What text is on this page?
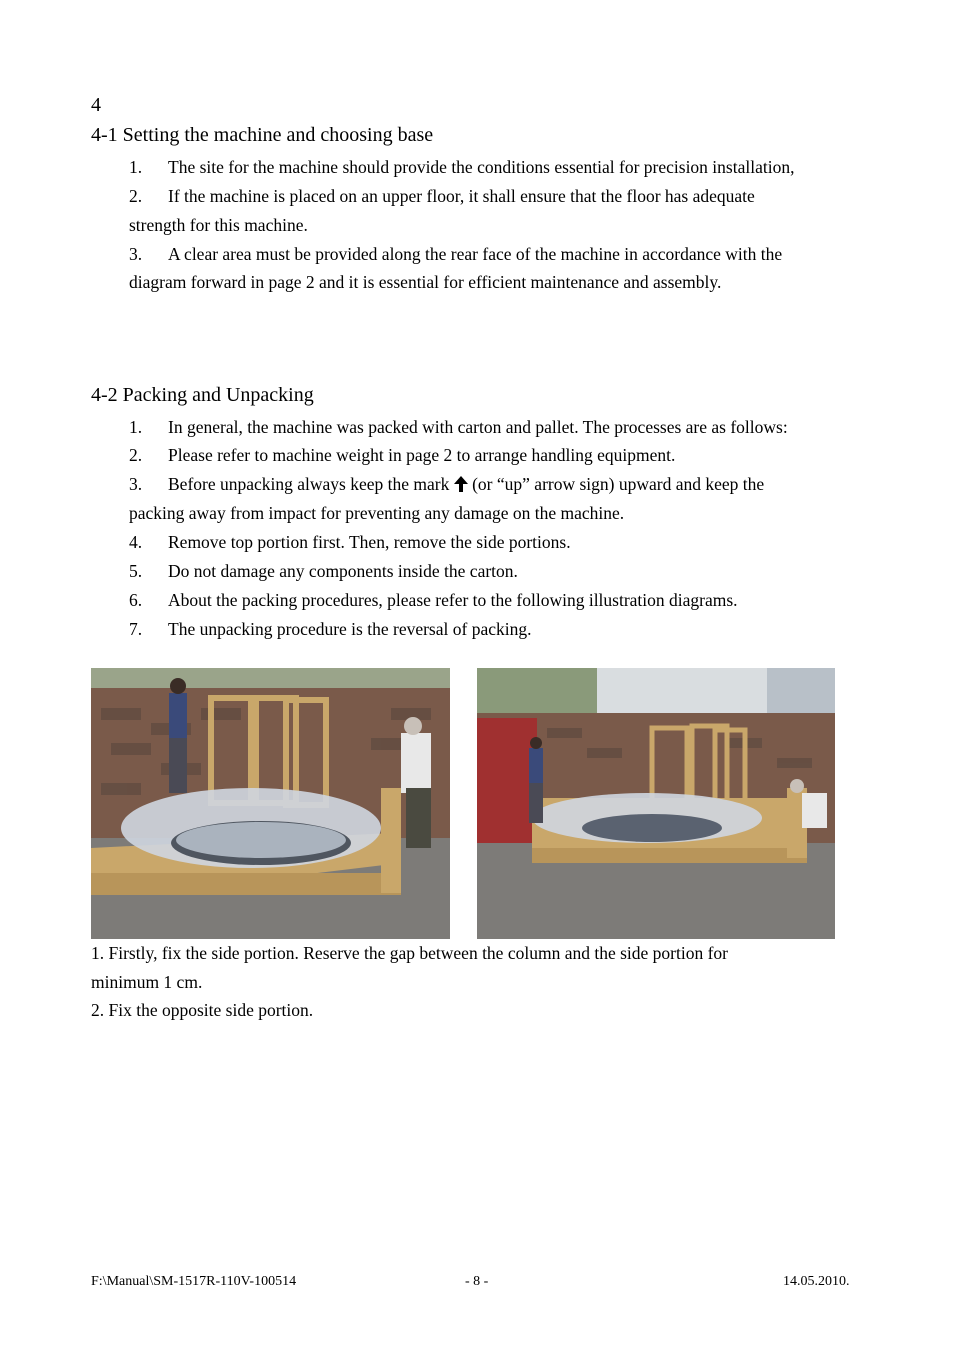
4
4-1 Setting the machine and choosing base
1. The site for the machine should provide the conditions essential for precision installation,
2. If the machine is placed on an upper floor, it shall ensure that the floor has adequate
strength for this machine.
3. A clear area must be provided along the rear face of the machine in accordance with the
diagram forward in page 2 and it is essential for efficient maintenance and assembly.
4-2 Packing and Unpacking
1. In general, the machine was packed with carton and pallet. The processes are as follows:
2. Please refer to machine weight in page 2 to arrange handling equipment.
3. Before unpacking always keep the mark (or “up” arrow sign) upward and keep the
packing away from impact for preventing any damage on the machine.
4. Remove top portion first. Then, remove the side portions.
5. Do not damage any components inside the carton.
6. About the packing procedures, please refer to the following illustration diagrams.
7. The unpacking procedure is the reversal of packing.
1. Firstly, fix the side portion. Reserve the gap between the column and the side portion for
minimum 1 cm.
2. Fix the opposite side portion.
F:\Manual\SM-1517R-110V-100514	- 8 -	14.05.2010.
